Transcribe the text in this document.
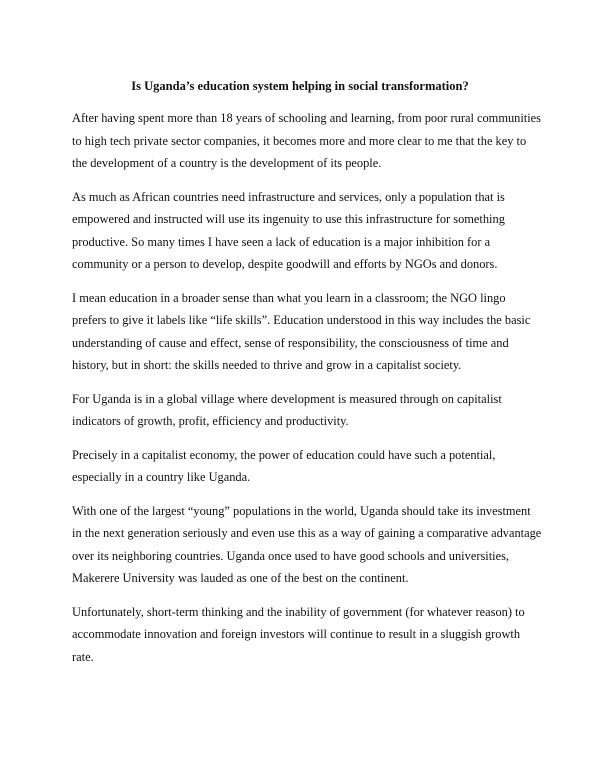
Is Uganda’s education system helping in social transformation?

After having spent more than 18 years of schooling and learning, from poor rural communities to high tech private sector companies, it becomes more and more clear to me that the key to the development of a country is the development of its people.

As much as African countries need infrastructure and services, only a population that is empowered and instructed will use its ingenuity to use this infrastructure for something productive. So many times I have seen a lack of education is a major inhibition for a community or a person to develop, despite goodwill and efforts by NGOs and donors.

I mean education in a broader sense than what you learn in a classroom; the NGO lingo prefers to give it labels like “life skills”. Education understood in this way includes the basic understanding of cause and effect, sense of responsibility, the consciousness of time and history, but in short: the skills needed to thrive and grow in a capitalist society.

For Uganda is in a global village where development is measured through on capitalist indicators of growth, profit, efficiency and productivity.

Precisely in a capitalist economy, the power of education could have such a potential, especially in a country like Uganda.

With one of the largest “young” populations in the world, Uganda should take its investment in the next generation seriously and even use this as a way of gaining a comparative advantage over its neighboring countries. Uganda once used to have good schools and universities, Makerere University was lauded as one of the best on the continent.

Unfortunately, short-term thinking and the inability of government (for whatever reason) to accommodate innovation and foreign investors will continue to result in a sluggish growth rate.
